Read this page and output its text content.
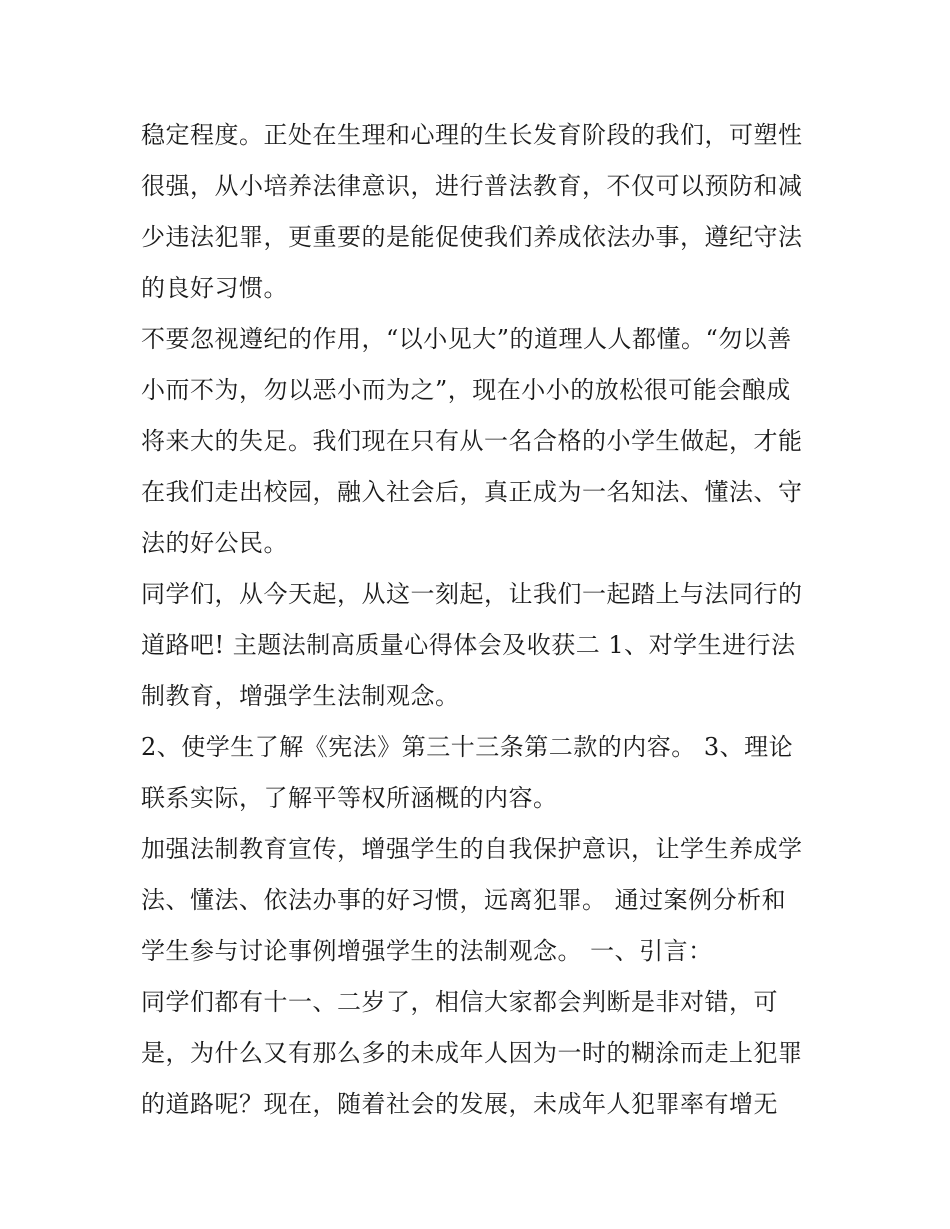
稳定程度。正处在生理和心理的生长发育阶段的我们，可塑性
很强，从小培养法律意识，进行普法教育，不仅可以预防和减
少违法犯罪，更重要的是能促使我们养成依法办事，遵纪守法
的良好习惯。
不要忽视遵纪的作用，“以小见大”的道理人人都懂。“勿以善
小而不为，勿以恶小而为之”，现在小小的放松很可能会酿成
将来大的失足。我们现在只有从一名合格的小学生做起，才能
在我们走出校园，融入社会后，真正成为一名知法、懂法、守
法的好公民。
同学们，从今天起，从这一刻起，让我们一起踏上与法同行的
道路吧! 主题法制高质量心得体会及收获二 1、对学生进行法
制教育，增强学生法制观念。
2、使学生了解《宪法》第三十三条第二款的内容。 3、理论
联系实际，了解平等权所涵概的内容。
加强法制教育宣传，增强学生的自我保护意识，让学生养成学
法、懂法、依法办事的好习惯，远离犯罪。 通过案例分析和
学生参与讨论事例增强学生的法制观念。 一、引言：
同学们都有十一、二岁了，相信大家都会判断是非对错，可
是，为什么又有那么多的未成年人因为一时的糊涂而走上犯罪
的道路呢？现在，随着社会的发展，未成年人犯罪率有增无
